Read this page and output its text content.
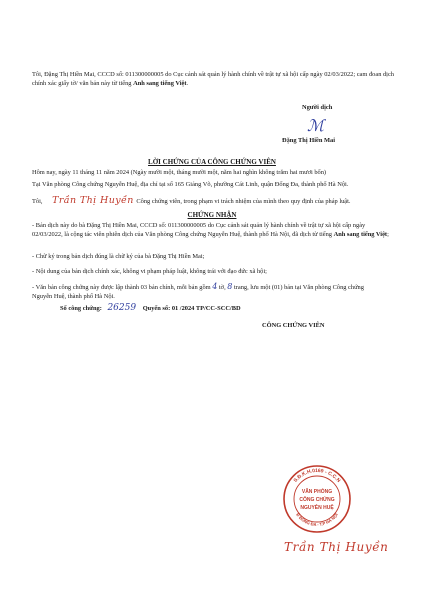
Tôi, Đặng Thị Hiền Mai, CCCD số: 011300000005 do Cục cảnh sát quản lý hành chính về trật tự xã hội cấp ngày 02/03/2022; cam đoan dịch chính xác giấy tờ/ văn bản này từ tiếng Anh sang tiếng Việt.
Người dịch
ℳ
Đặng Thị Hiền Mai
LỜI CHỨNG CỦA CÔNG CHỨNG VIÊN
Hôm nay, ngày 11 tháng 11 năm 2024 (Ngày mười một, tháng mười một, năm hai nghìn không trăm hai mươi bốn)
Tại Văn phòng Công chứng Nguyễn Huệ, địa chỉ tại số 165 Giảng Võ, phường Cát Linh, quận Đống Đa, thành phố Hà Nội.
Tôi, Trần Thị Huyền Công chứng viên, trong phạm vi trách nhiệm của mình theo quy định của pháp luật.
CHỨNG NHẬN
- Bản dịch này do bà Đặng Thị Hiền Mai, CCCD số: 011300000005 do Cục cảnh sát quản lý hành chính về trật tự xã hội cấp ngày 02/03/2022, là cộng tác viên phiên dịch của Văn phòng Công chứng Nguyễn Huệ, thành phố Hà Nội, đã dịch từ tiếng Anh sang tiếng Việt;
- Chữ ký trong bản dịch đúng là chữ ký của bà Đặng Thị Hiền Mai;
- Nội dung của bản dịch chính xác, không vi phạm pháp luật, không trái với đạo đức xã hội;
- Văn bản công chứng này được lập thành 03 bản chính, mỗi bản gồm 4 tờ, 8 trang, lưu một (01) bản tại Văn phòng Công chứng Nguyễn Huệ, thành phố Hà Nội.
Số công chứng: 26259 Quyển số: 01 /2024 TP/CC-SCC/BD
CÔNG CHỨNG VIÊN
S.Đ.K.H.0169 - C.C.N
Đ ĐỐNG ĐA - T.P HÀ NỘI
VĂN PHÒNG
CÔNG CHỨNG
NGUYỄN HUỆ
Trần Thị Huyền
